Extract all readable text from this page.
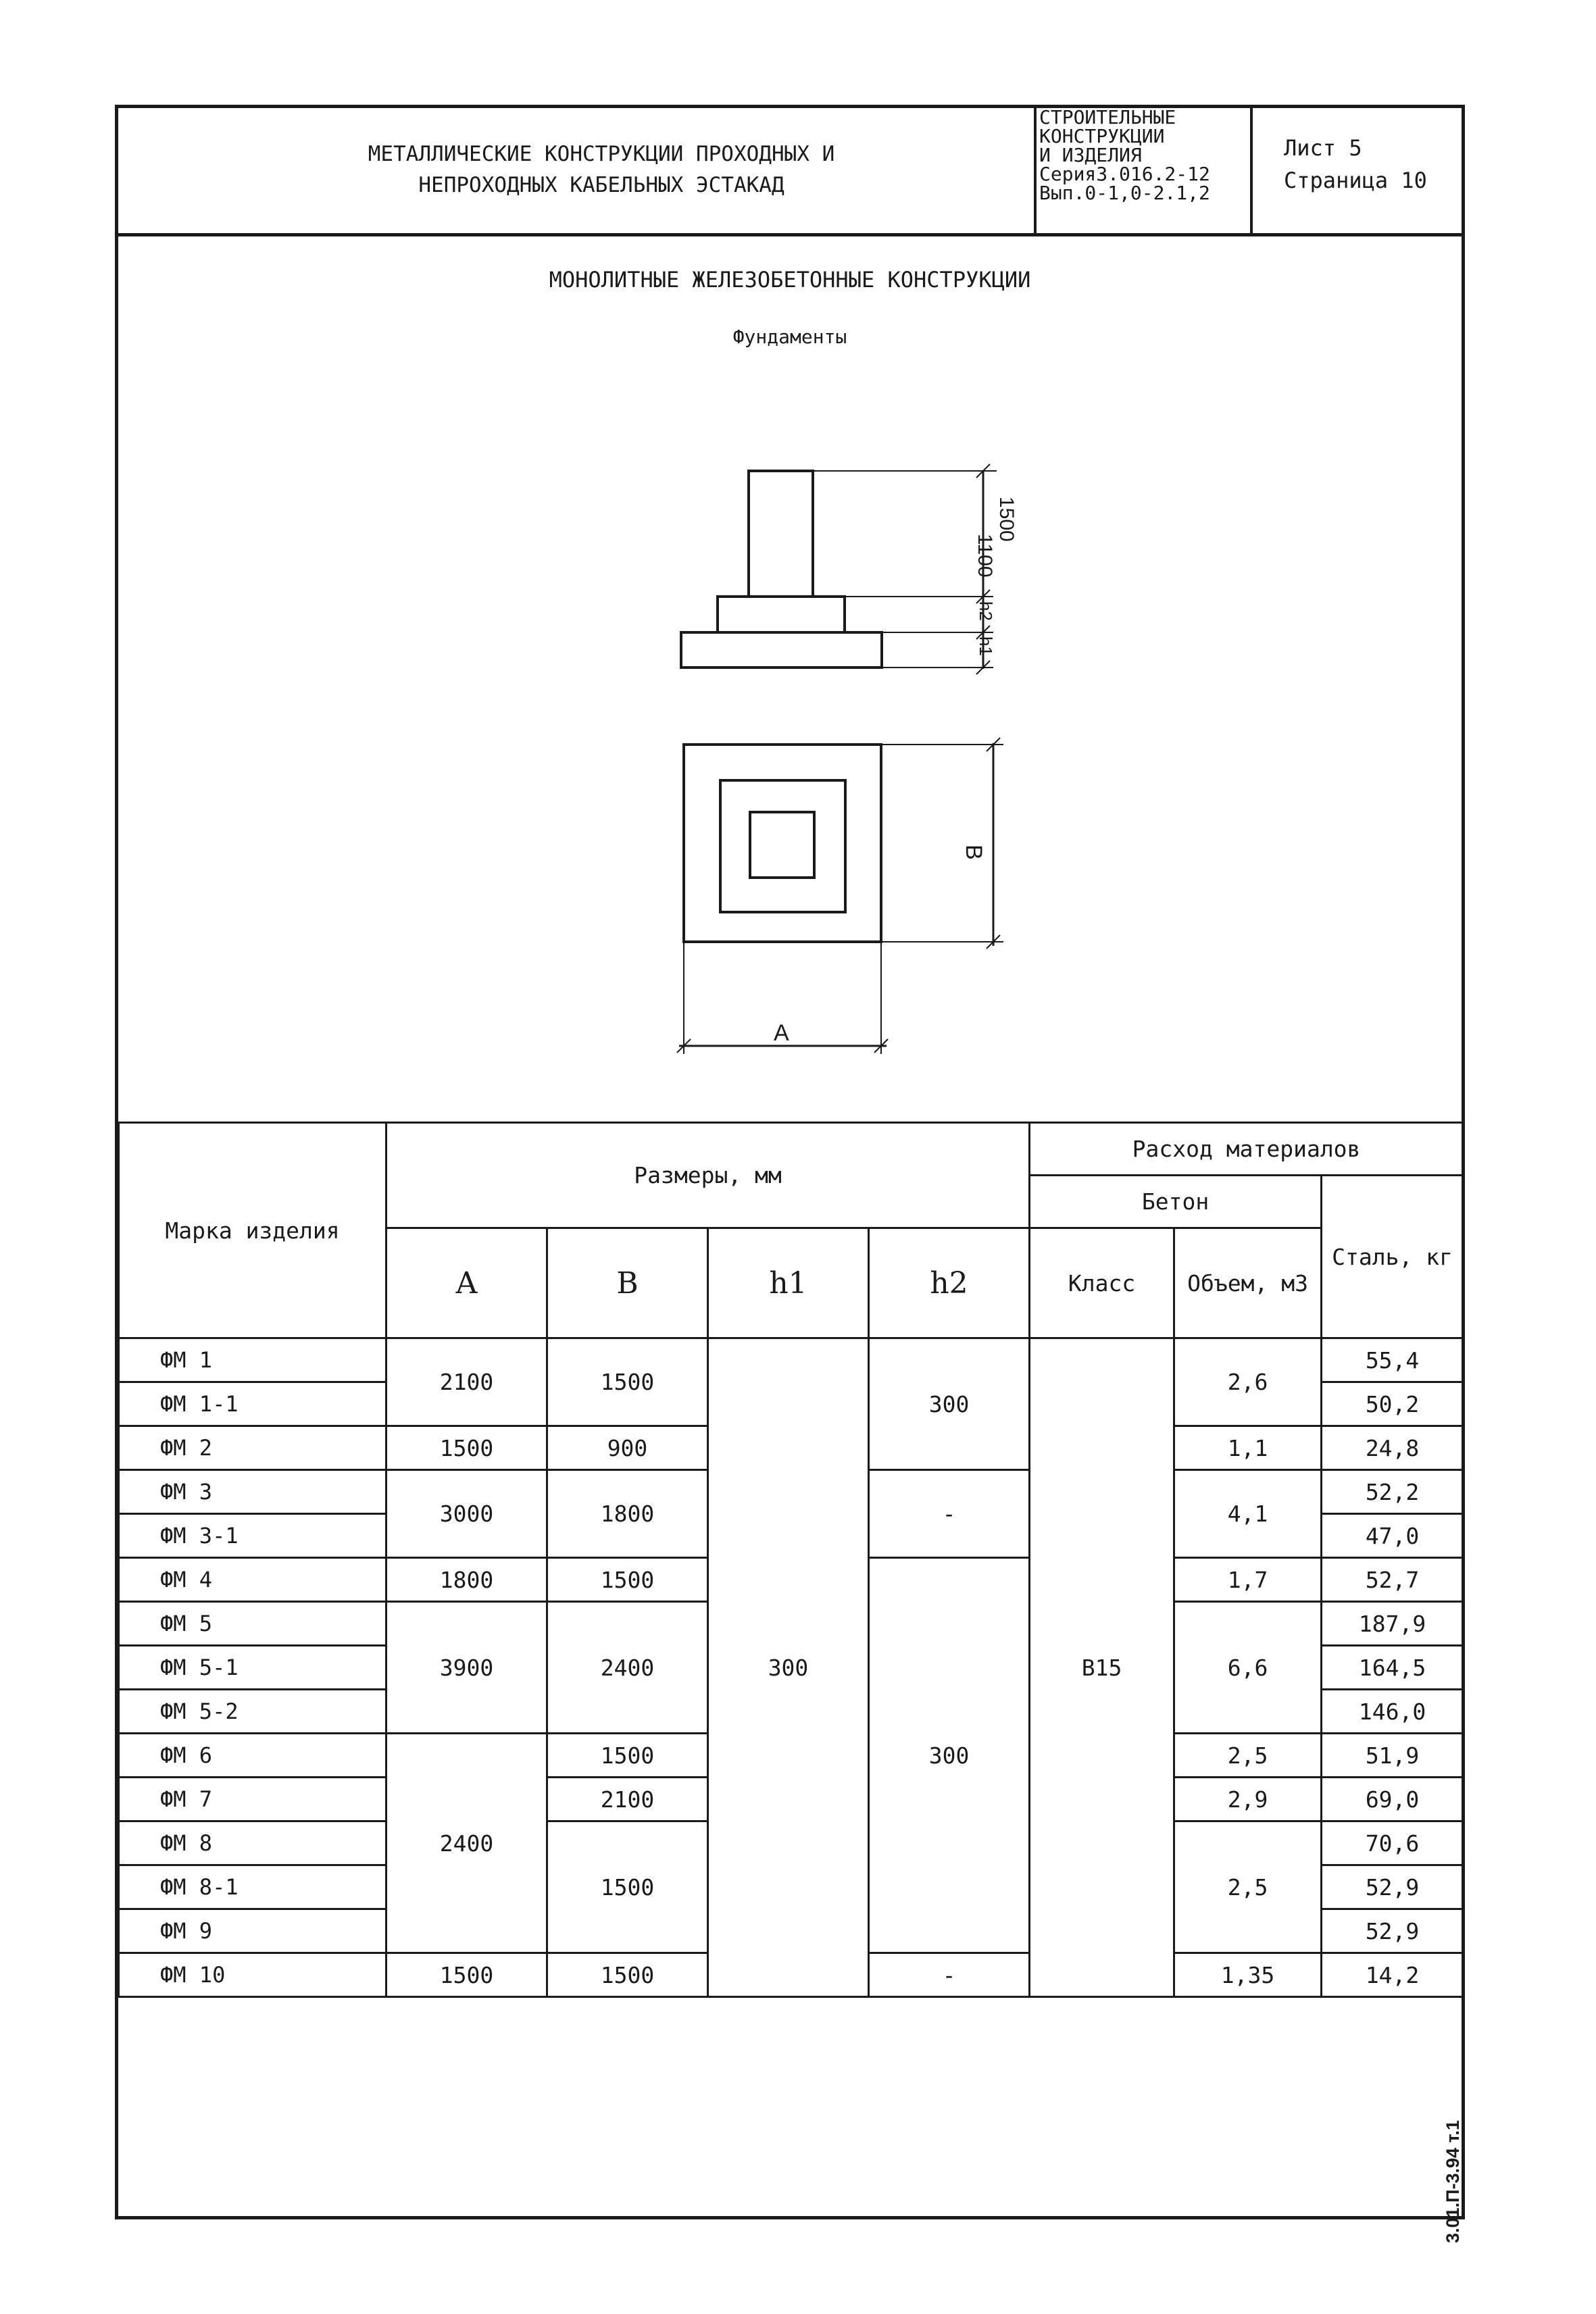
МЕТАЛЛИЧЕСКИЕ КОНСТРУКЦИИ ПРОХОДНЫХ И
НЕПРОХОДНЫХ КАБЕЛЬНЫХ ЭСТАКАД
СТРОИТЕЛЬНЫЕ
КОНСТРУКЦИИ
И ИЗДЕЛИЯ
Серия3.016.2-12
Вып.0-1,0-2.1,2
Лист 5
Страница 10
МОНОЛИТНЫЕ ЖЕЛЕЗОБЕТОННЫЕ КОНСТРУКЦИИ
Фундаменты
1100
1500
h2
h1
B
A
Марка изделия	Размеры, мм				Расход материалов		
					Бетон		Сталь, кг
	A	B	h1	h2	Класс	Объем, м3	
ФМ 1	2100	1500	300	300	B15	2,6	55,4
ФМ 1-1							50,2
ФМ 2	1500	900				1,1	24,8
ФМ 3	3000	1800		-		4,1	52,2
ФМ 3-1							47,0
ФМ 4	1800	1500		300		1,7	52,7
ФМ 5	3900	2400				6,6	187,9
ФМ 5-1							164,5
ФМ 5-2							146,0
ФМ 6	2400	1500				2,5	51,9
ФМ 7		2100				2,9	69,0
ФМ 8		1500				2,5	70,6
ФМ 8-1							52,9
ФМ 9							52,9
ФМ 10	1500	1500		-		1,35	14,2
3.01.П-3.94 т.1
